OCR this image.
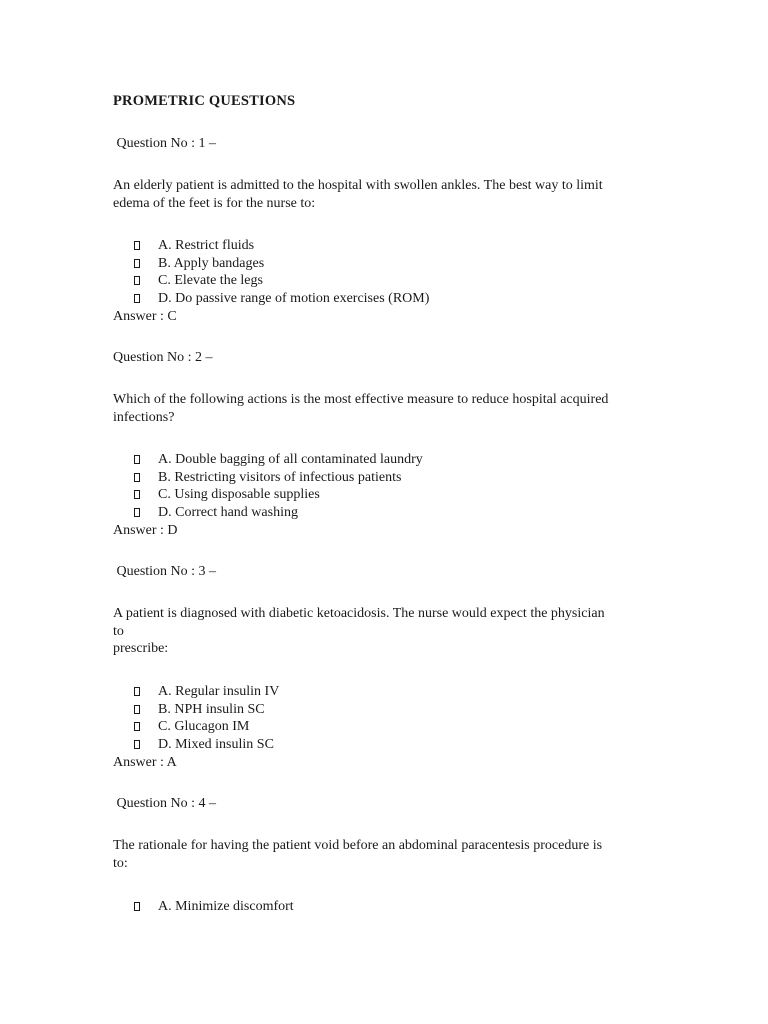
PROMETRIC QUESTIONS
Question No : 1 –
An elderly patient is admitted to the hospital with swollen ankles. The best way to limit
edema of the feet is for the nurse to:
A. Restrict fluids
B. Apply bandages
C. Elevate the legs
D. Do passive range of motion exercises (ROM)
Answer : C
Question No : 2 –
Which of the following actions is the most effective measure to reduce hospital acquired
infections?
A. Double bagging of all contaminated laundry
B. Restricting visitors of infectious patients
C. Using disposable supplies
D. Correct hand washing
Answer : D
Question No : 3 –
A patient is diagnosed with diabetic ketoacidosis. The nurse would expect the physician
to
prescribe:
A. Regular insulin IV
B. NPH insulin SC
C. Glucagon IM
D. Mixed insulin SC
Answer : A
Question No : 4 –
The rationale for having the patient void before an abdominal paracentesis procedure is
to:
A. Minimize discomfort
